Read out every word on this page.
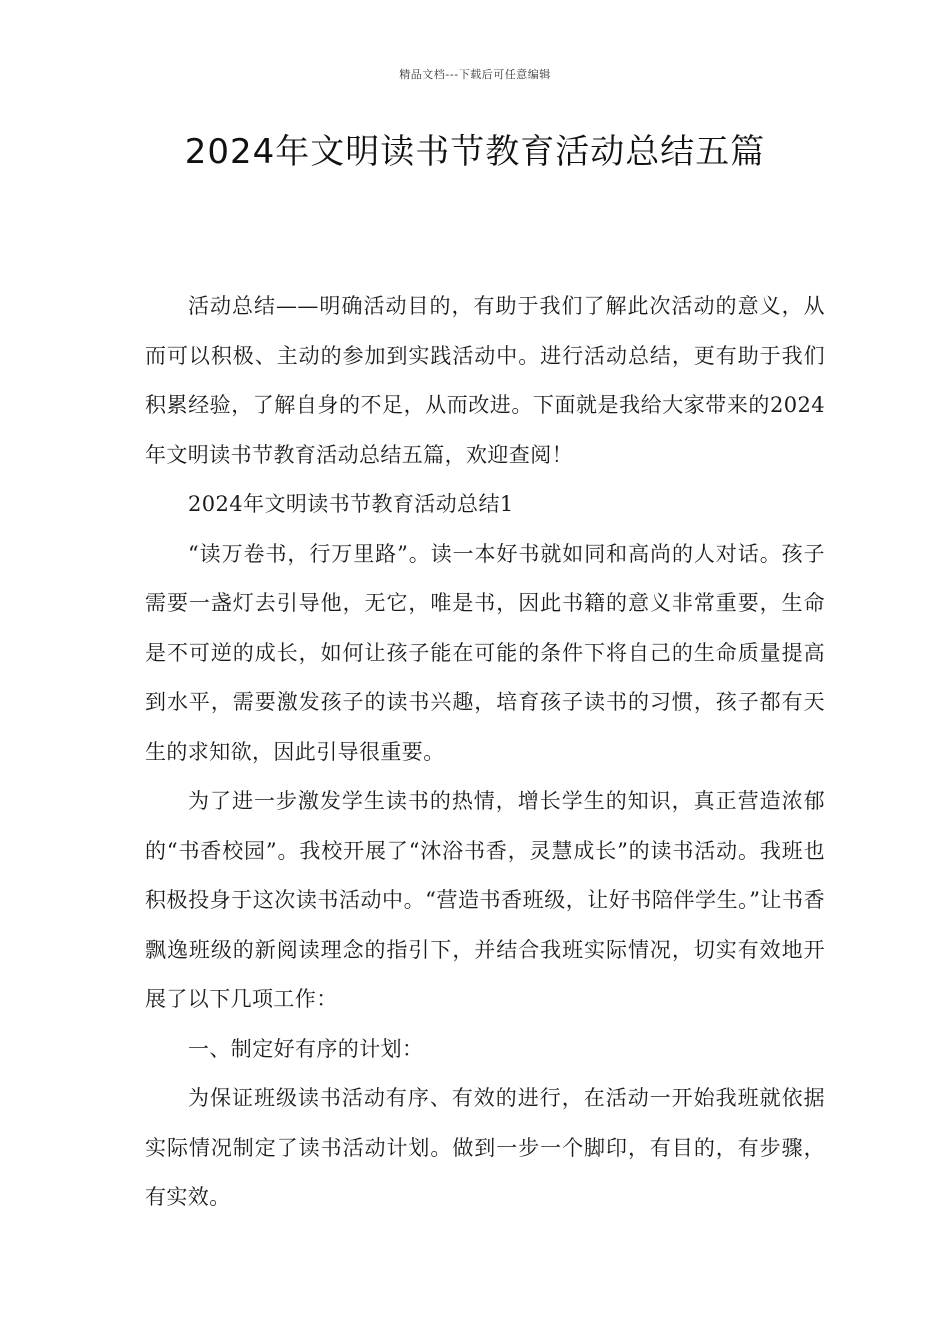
精品文档---下载后可任意编辑
2024年文明读书节教育活动总结五篇

活动总结——明确活动目的，有助于我们了解此次活动的意义，从而可以积极、主动的参加到实践活动中。进行活动总结，更有助于我们积累经验，了解自身的不足，从而改进。下面就是我给大家带来的2024年文明读书节教育活动总结五篇，欢迎查阅！

2024年文明读书节教育活动总结1

“读万卷书，行万里路”。读一本好书就如同和高尚的人对话。孩子需要一盏灯去引导他，无它，唯是书，因此书籍的意义非常重要，生命是不可逆的成长，如何让孩子能在可能的条件下将自己的生命质量提高到水平，需要激发孩子的读书兴趣，培育孩子读书的习惯，孩子都有天生的求知欲，因此引导很重要。

为了进一步激发学生读书的热情，增长学生的知识，真正营造浓郁的“书香校园”。我校开展了“沐浴书香，灵慧成长”的读书活动。我班也积极投身于这次读书活动中。“营造书香班级，让好书陪伴学生。”让书香飘逸班级的新阅读理念的指引下，并结合我班实际情况，切实有效地开展了以下几项工作：

一、制定好有序的计划：

为保证班级读书活动有序、有效的进行，在活动一开始我班就依据实际情况制定了读书活动计划。做到一步一个脚印，有目的，有步骤，有实效。
